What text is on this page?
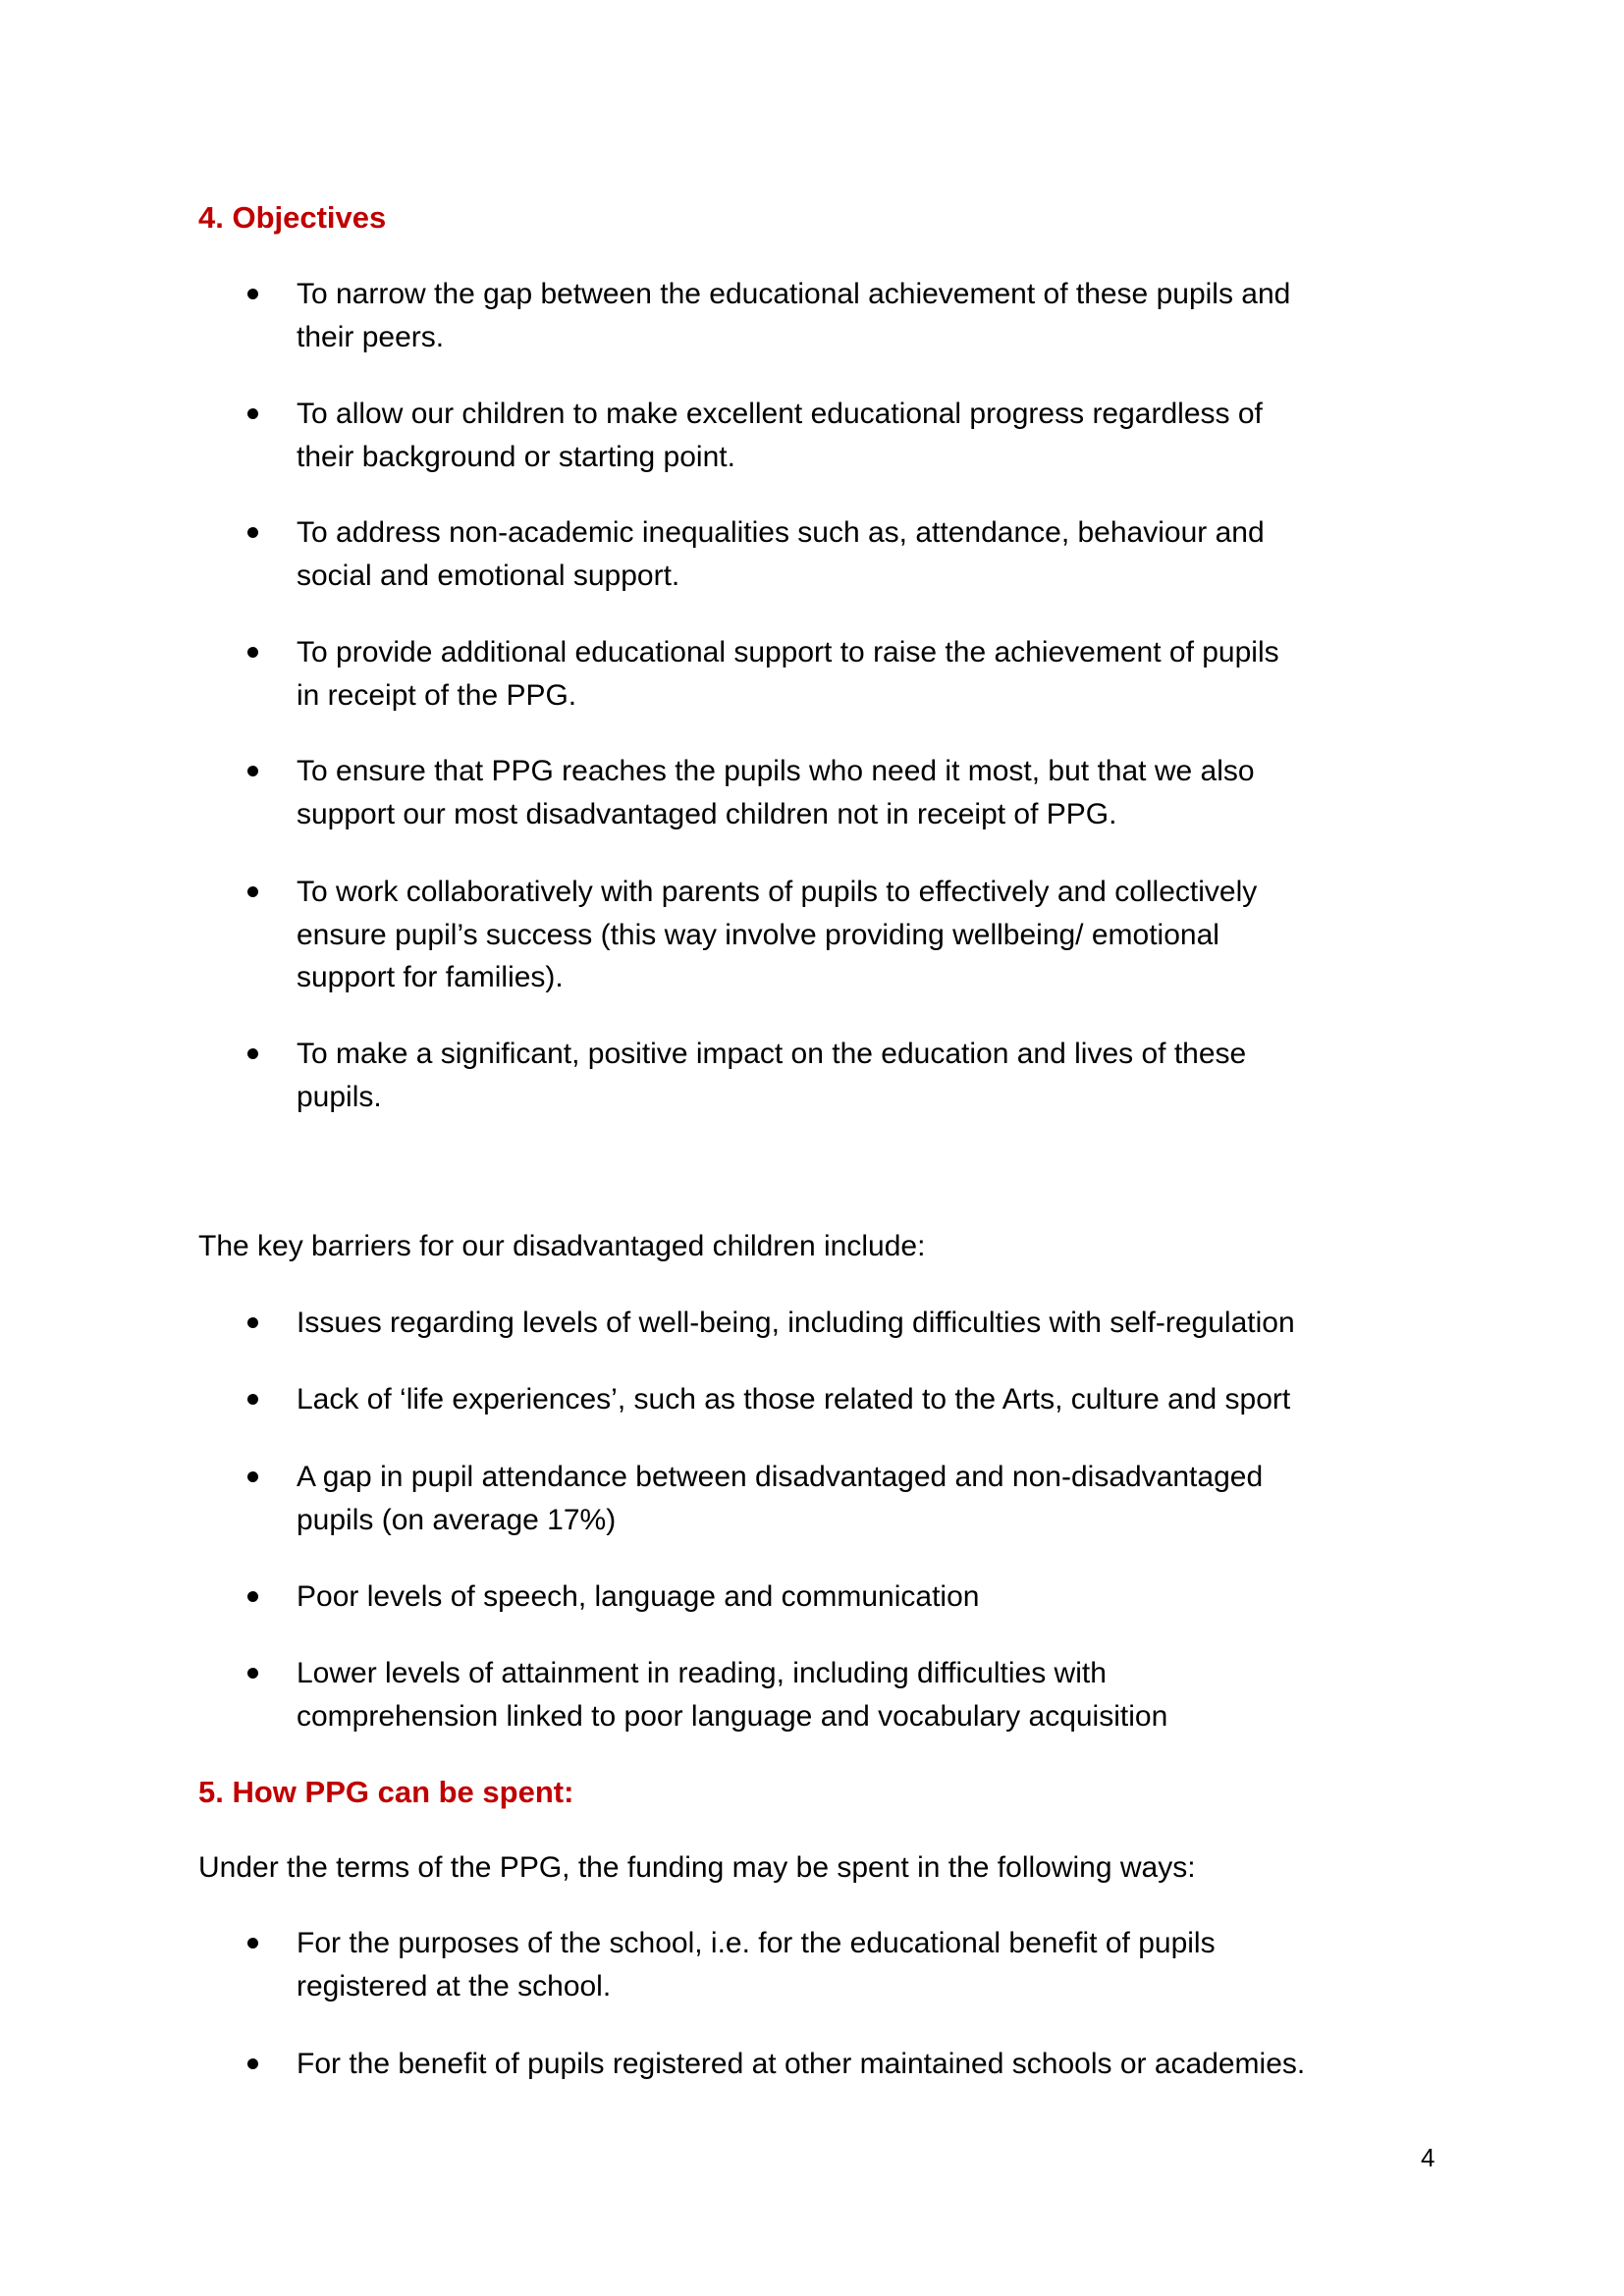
4. Objectives
To narrow the gap between the educational achievement of these pupils and
their peers.
To allow our children to make excellent educational progress regardless of
their background or starting point.
To address non-academic inequalities such as, attendance, behaviour and
social and emotional support.
To provide additional educational support to raise the achievement of pupils
in receipt of the PPG.
To ensure that PPG reaches the pupils who need it most, but that we also
support our most disadvantaged children not in receipt of PPG.
To work collaboratively with parents of pupils to effectively and collectively
ensure pupil’s success (this way involve providing wellbeing/ emotional
support for families).
To make a significant, positive impact on the education and lives of these
pupils.
The key barriers for our disadvantaged children include:
Issues regarding levels of well-being, including difficulties with self-regulation
Lack of ‘life experiences’, such as those related to the Arts, culture and sport
A gap in pupil attendance between disadvantaged and non-disadvantaged
pupils (on average 17%)
Poor levels of speech, language and communication
Lower levels of attainment in reading, including difficulties with
comprehension linked to poor language and vocabulary acquisition
5. How PPG can be spent:
Under the terms of the PPG, the funding may be spent in the following ways:
For the purposes of the school, i.e. for the educational benefit of pupils
registered at the school.
For the benefit of pupils registered at other maintained schools or academies.
4
